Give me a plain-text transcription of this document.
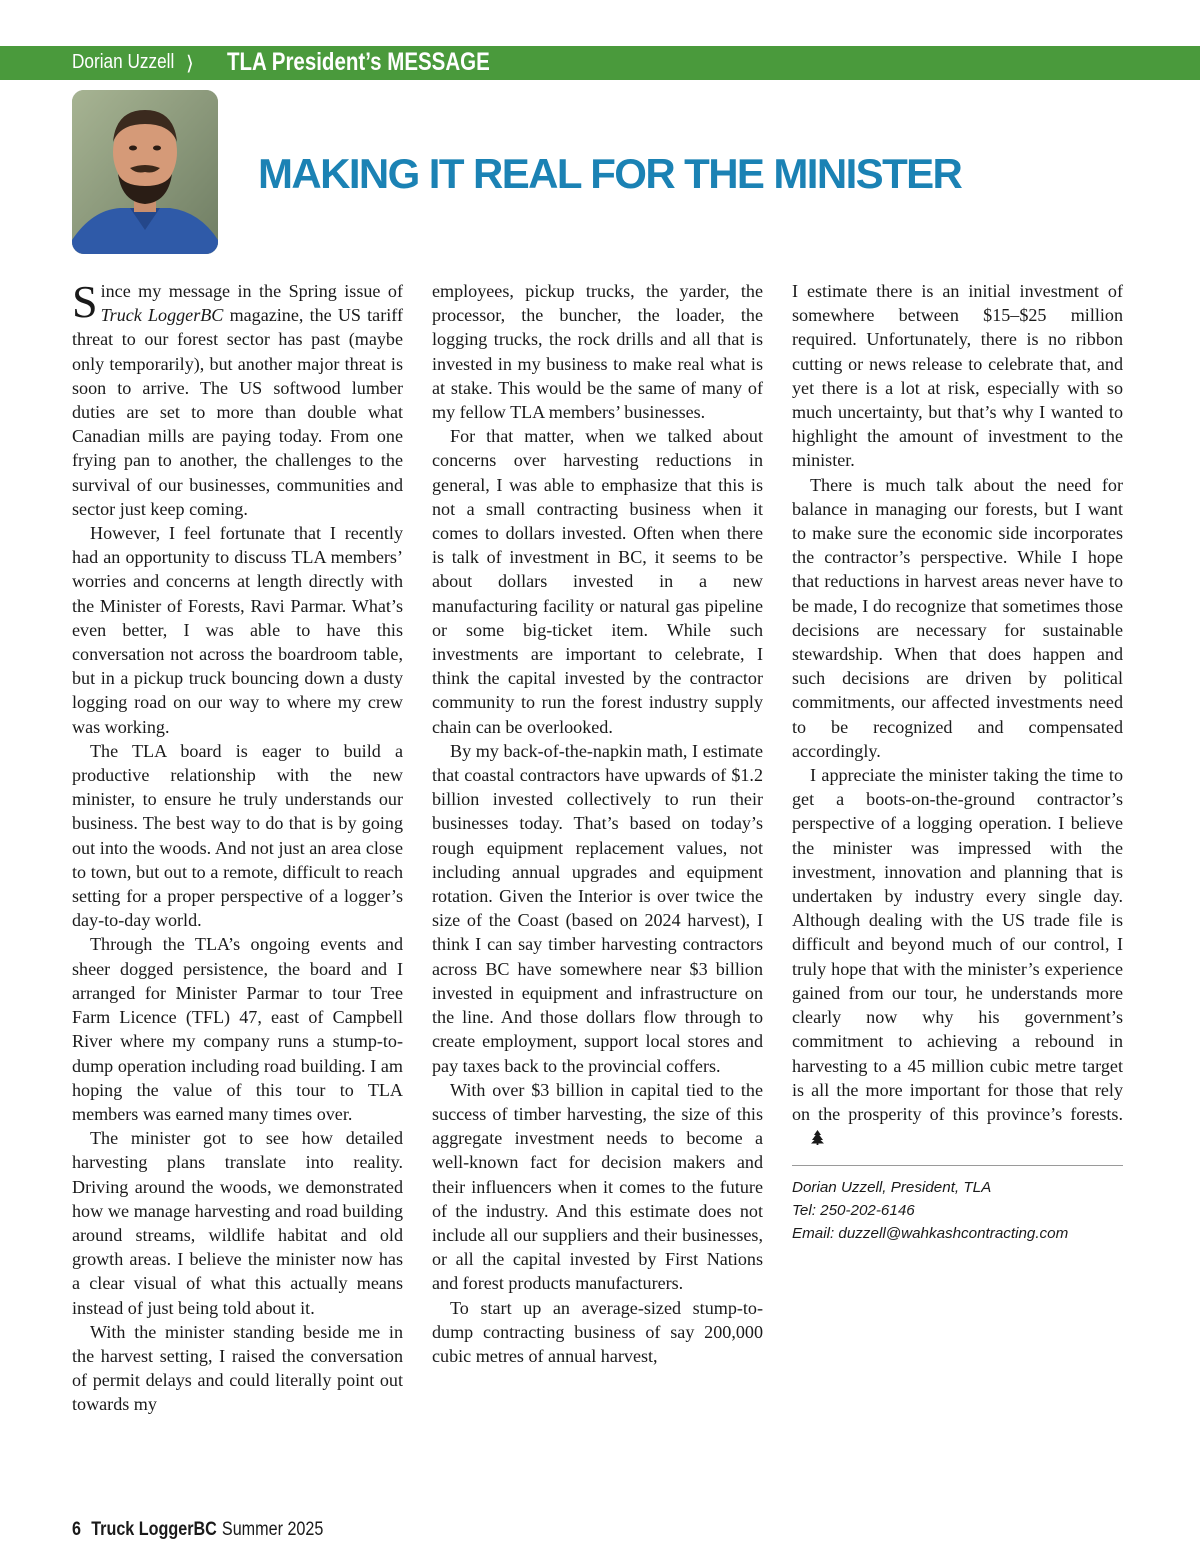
Dorian Uzzell ⟩ TLA President’s MESSAGE
MAKING IT REAL FOR THE MINISTER

Since my message in the Spring issue of Truck LoggerBC magazine, the US tariff threat to our forest sector has past (maybe only temporarily), but another major threat is soon to arrive. The US softwood lumber duties are set to more than double what Canadian mills are paying today. From one frying pan to another, the challenges to the survival of our businesses, communities and sector just keep coming.

However, I feel fortunate that I recently had an opportunity to discuss TLA members’ worries and concerns at length directly with the Minister of Forests, Ravi Parmar. What’s even better, I was able to have this conversation not across the boardroom table, but in a pickup truck bouncing down a dusty logging road on our way to where my crew was working.

The TLA board is eager to build a productive relationship with the new minister, to ensure he truly understands our business. The best way to do that is by going out into the woods. And not just an area close to town, but out to a remote, difficult to reach setting for a proper perspective of a logger’s day-to-day world.

Through the TLA’s ongoing events and sheer dogged persistence, the board and I arranged for Minister Parmar to tour Tree Farm Licence (TFL) 47, east of Campbell River where my company runs a stump-to-dump operation including road building. I am hoping the value of this tour to TLA members was earned many times over.

The minister got to see how detailed harvesting plans translate into reality. Driving around the woods, we demonstrated how we manage harvesting and road building around streams, wildlife habitat and old growth areas. I believe the minister now has a clear visual of what this actually means instead of just being told about it.

With the minister standing beside me in the harvest setting, I raised the conversation of permit delays and could literally point out towards my

employees, pickup trucks, the yarder, the processor, the buncher, the loader, the logging trucks, the rock drills and all that is invested in my business to make real what is at stake. This would be the same of many of my fellow TLA members’ businesses.

For that matter, when we talked about concerns over harvesting reductions in general, I was able to emphasize that this is not a small contracting business when it comes to dollars invested. Often when there is talk of investment in BC, it seems to be about dollars invested in a new manufacturing facility or natural gas pipeline or some big-ticket item. While such investments are important to celebrate, I think the capital invested by the contractor community to run the forest industry supply chain can be overlooked.

By my back-of-the-napkin math, I estimate that coastal contractors have upwards of $1.2 billion invested collectively to run their businesses today. That’s based on today’s rough equipment replacement values, not including annual upgrades and equipment rotation. Given the Interior is over twice the size of the Coast (based on 2024 harvest), I think I can say timber harvesting contractors across BC have somewhere near $3 billion invested in equipment and infrastructure on the line. And those dollars flow through to create employment, support local stores and pay taxes back to the provincial coffers.

With over $3 billion in capital tied to the success of timber harvesting, the size of this aggregate investment needs to become a well-known fact for decision makers and their influencers when it comes to the future of the industry. And this estimate does not include all our suppliers and their businesses, or all the capital invested by First Nations and forest products manufacturers.

To start up an average-sized stump-to-dump contracting business of say 200,000 cubic metres of annual harvest,

I estimate there is an initial investment of somewhere between $15–$25 million required. Unfortunately, there is no ribbon cutting or news release to celebrate that, and yet there is a lot at risk, especially with so much uncertainty, but that’s why I wanted to highlight the amount of investment to the minister.

There is much talk about the need for balance in managing our forests, but I want to make sure the economic side incorporates the contractor’s perspective. While I hope that reductions in harvest areas never have to be made, I do recognize that sometimes those decisions are necessary for sustainable stewardship. When that does happen and such decisions are driven by political commitments, our affected investments need to be recognized and compensated accordingly.

I appreciate the minister taking the time to get a boots-on-the-ground contractor’s perspective of a logging operation. I believe the minister was impressed with the investment, innovation and planning that is undertaken by industry every single day. Although dealing with the US trade file is difficult and beyond much of our control, I truly hope that with the minister’s experience gained from our tour, he understands more clearly now why his government’s commitment to achieving a rebound in harvesting to a 45 million cubic metre target is all the more important for those that rely on the prosperity of this province’s forests.

Dorian Uzzell, President, TLA
Tel: 250-202-6146
Email: duzzell@wahkashcontracting.com
6 Truck LoggerBC Summer 2025
